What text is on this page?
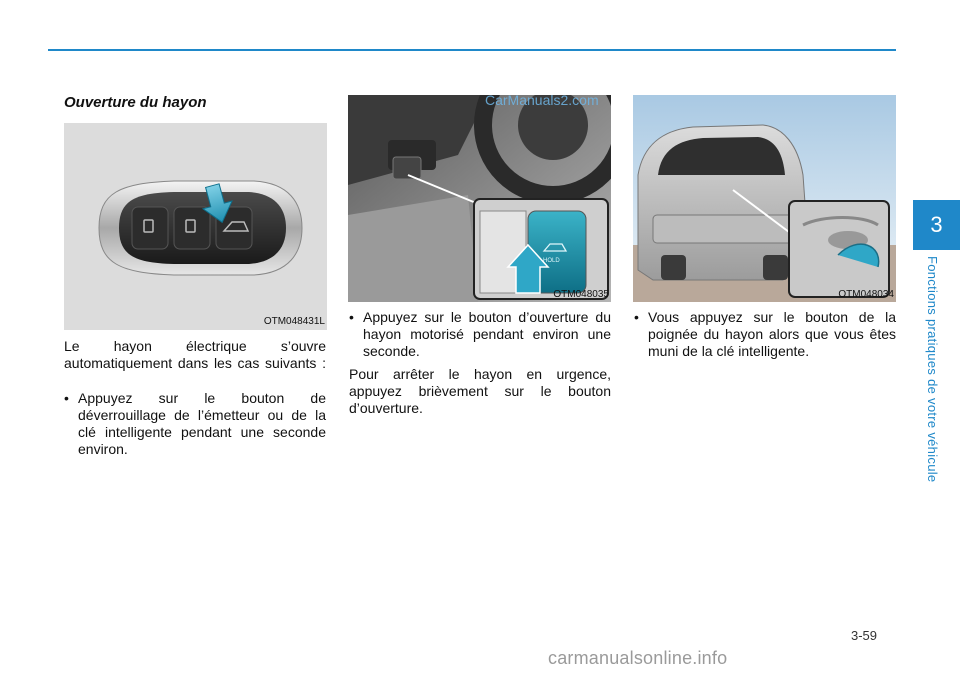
Ouverture du hayon
OTM048431L
HOLD
OTM048035	OTM048034
Le hayon électrique s’ouvre automatiquement dans les cas suivants :
• Appuyez sur le bouton de déverrouillage de l’émetteur ou de la clé intelligente pendant une seconde environ.
• Appuyez sur le bouton d’ouverture du hayon motorisé pendant environ une seconde.
Pour arrêter le hayon en urgence, appuyez brièvement sur le bouton d’ouverture.
• Vous appuyez sur le bouton de la poignée du hayon alors que vous êtes muni de la clé intelligente.
CarManuals2.com
carmanualsonline.info
3-59
3
Fonctions pratiques de votre véhicule
